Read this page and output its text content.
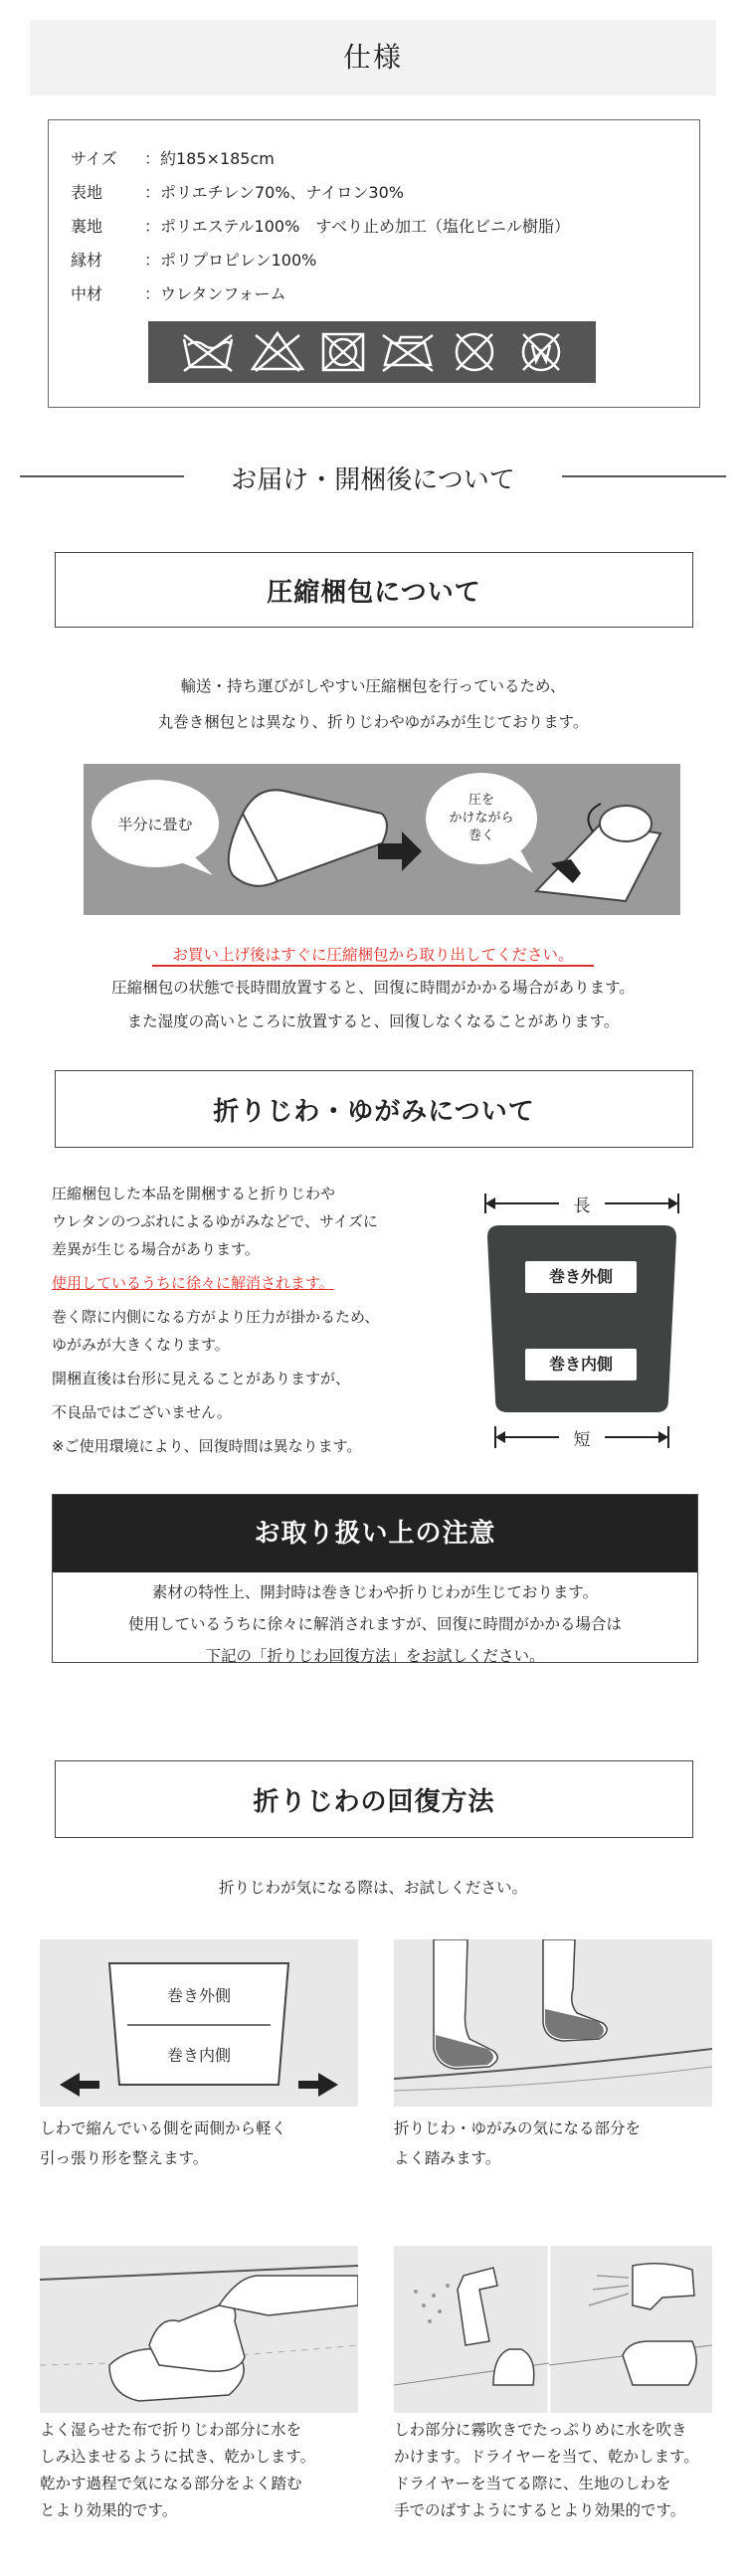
仕様
サイズ ：約185×185cm
表地	：ポリエチレン70%、ナイロン30%
裏地	：ポリエステル100%　すべり止め加工（塩化ビニル樹脂）
縁材	：ポリプロピレン100%
中材	：ウレタンフォーム
お届け・開梱後について
圧縮梱包について
輸送・持ち運びがしやすい圧縮梱包を行っているため、
丸巻き梱包とは異なり、折りじわやゆがみが生じております。
半分に畳む
圧を
かけながら
巻く
お買い上げ後はすぐに圧縮梱包から取り出してください。
圧縮梱包の状態で長時間放置すると、回復に時間がかかる場合があります。
また湿度の高いところに放置すると、回復しなくなることがあります。
折りじわ・ゆがみについて
圧縮梱包した本品を開梱すると折りじわや
ウレタンのつぶれによるゆがみなどで、サイズに
差異が生じる場合があります。
使用しているうちに徐々に解消されます。
巻く際に内側になる方がより圧力が掛かるため、
ゆがみが大きくなります。
開梱直後は台形に見えることがありますが、
不良品ではございません。
※ご使用環境により、回復時間は異なります。
長
巻き外側
巻き内側
短
お取り扱い上の注意
素材の特性上、開封時は巻きじわや折りじわが生じております。
使用しているうちに徐々に解消されますが、回復に時間がかかる場合は
下記の「折りじわ回復方法」をお試しください。
折りじわの回復方法
折りじわが気になる際は、お試しください。
巻き外側
巻き内側
しわで縮んでいる側を両側から軽く
引っ張り形を整えます。
折りじわ・ゆがみの気になる部分を
よく踏みます。
よく湿らせた布で折りじわ部分に水を
しみ込ませるように拭き、乾かします。
乾かす過程で気になる部分をよく踏む
とより効果的です。
しわ部分に霧吹きでたっぷりめに水を吹き
かけます。ドライヤーを当て、乾かします。
ドライヤーを当てる際に、生地のしわを
手でのばすようにするとより効果的です。
